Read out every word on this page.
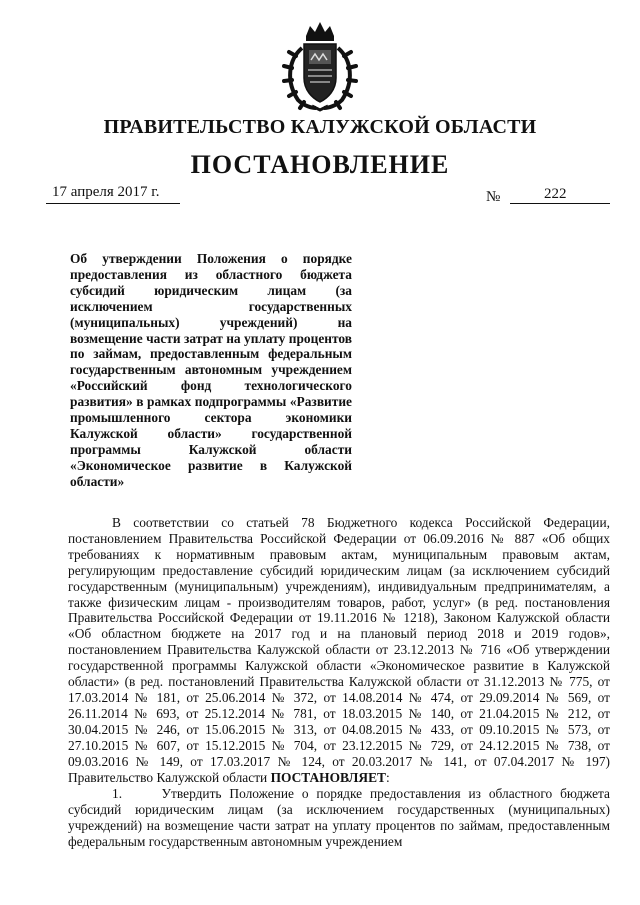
ПРАВИТЕЛЬСТВО КАЛУЖСКОЙ ОБЛАСТИ
ПОСТАНОВЛЕНИЕ
17 апреля 2017 г.	№	222
Об утверждении Положения о порядке предоставления из областного бюджета субсидий юридическим лицам (за исключением государственных (муниципальных) учреждений) на возмещение части затрат на уплату процентов по займам, предоставленным федеральным государственным автономным учреждением «Российский фонд технологического развития» в рамках подпрограммы «Развитие промышленного сектора экономики Калужской области» государственной программы Калужской области «Экономическое развитие в Калужской области»

В соответствии со статьей 78 Бюджетного кодекса Российской Федерации, постановлением Правительства Российской Федерации от 06.09.2016 № 887 «Об общих требованиях к нормативным правовым актам, муниципальным правовым актам, регулирующим предоставление субсидий юридическим лицам (за исключением субсидий государственным (муниципальным) учреждениям), индивидуальным предпринимателям, а также физическим лицам - производителям товаров, работ, услуг» (в ред. постановления Правительства Российской Федерации от 19.11.2016 № 1218), Законом Калужской области «Об областном бюджете на 2017 год и на плановый период 2018 и 2019 годов», постановлением Правительства Калужской области от 23.12.2013 № 716 «Об утверждении государственной программы Калужской области «Экономическое развитие в Калужской области» (в ред. постановлений Правительства Калужской области от 31.12.2013 № 775, от 17.03.2014 № 181, от 25.06.2014 № 372, от 14.08.2014 № 474, от 29.09.2014 № 569, от 26.11.2014 № 693, от 25.12.2014 № 781, от 18.03.2015 № 140, от 21.04.2015 № 212, от 30.04.2015 № 246, от 15.06.2015 № 313, от 04.08.2015 № 433, от 09.10.2015 № 573, от 27.10.2015 № 607, от 15.12.2015 № 704, от 23.12.2015 № 729, от 24.12.2015 № 738, от 09.03.2016 № 149, от 17.03.2017 № 124, от 20.03.2017 № 141, от 07.04.2017 № 197) Правительство Калужской области ПОСТАНОВЛЯЕТ:

1.	Утвердить Положение о порядке предоставления из областного бюджета субсидий юридическим лицам (за исключением государственных (муниципальных) учреждений) на возмещение части затрат на уплату процентов по займам, предоставленным федеральным государственным автономным учреждением
